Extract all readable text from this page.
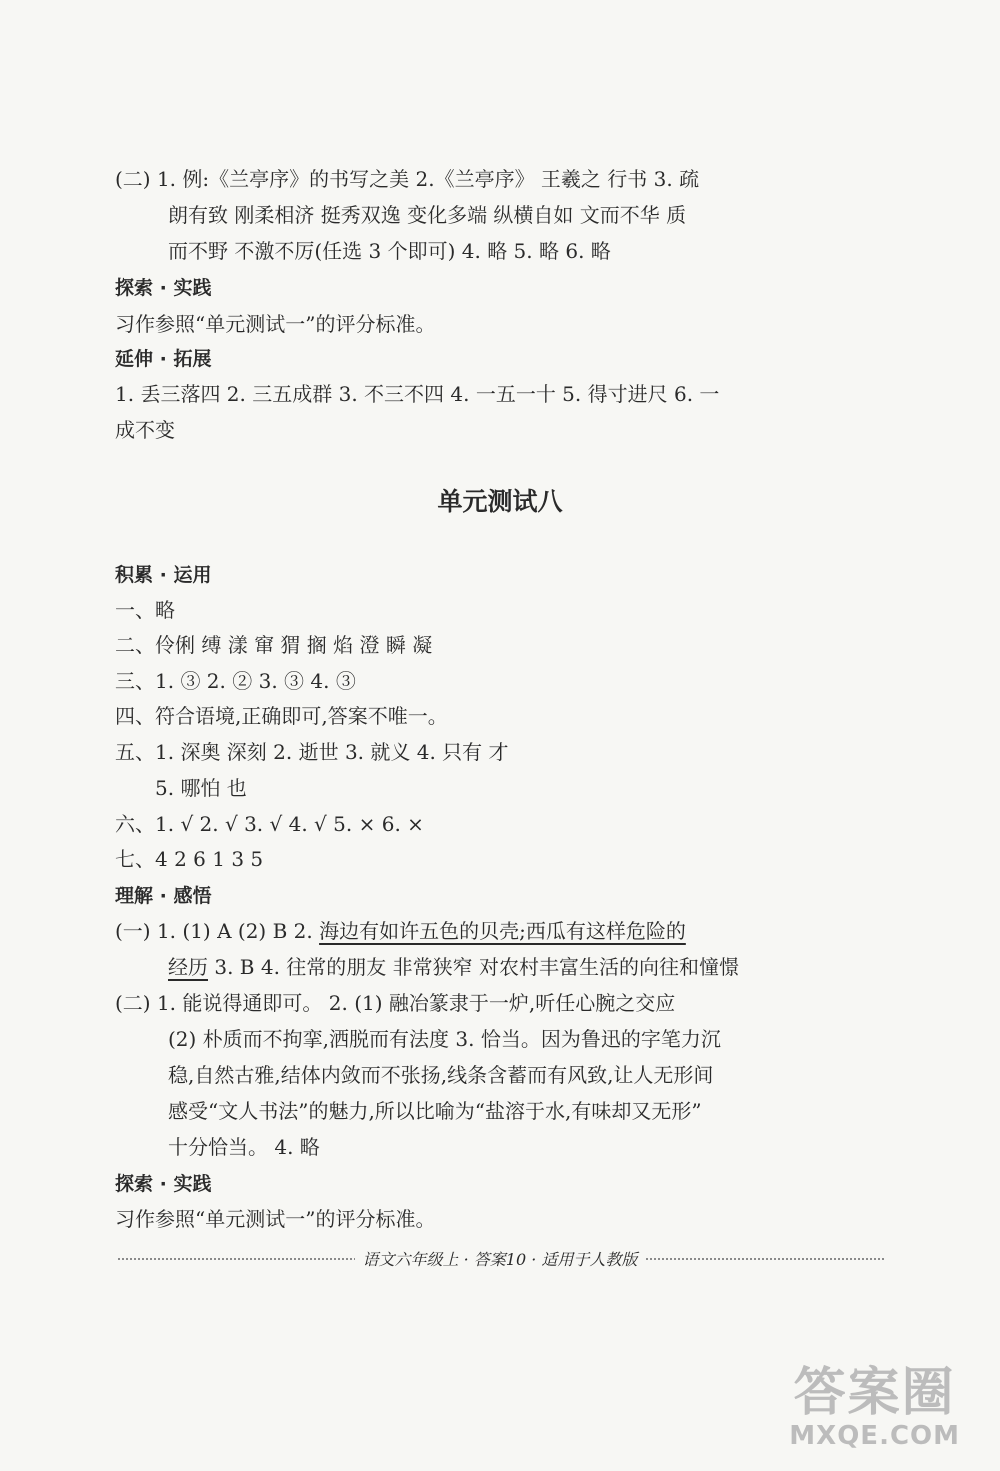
(二) 1. 例:《兰亭序》的书写之美 2.《兰亭序》 王羲之 行书 3. 疏
朗有致 刚柔相济 挺秀双逸 变化多端 纵横自如 文而不华 质
而不野 不激不厉(任选 3 个即可) 4. 略 5. 略 6. 略
探索 · 实践
习作参照“单元测试一”的评分标准。
延伸 · 拓展
1. 丢三落四 2. 三五成群 3. 不三不四 4. 一五一十 5. 得寸进尺 6. 一
成不变
单元测试八
积累 · 运用
一、略
二、伶俐 缚 漾 窜 猬 搁 焰 澄 瞬 凝
三、1. ③ 2. ② 3. ③ 4. ③
四、符合语境,正确即可,答案不唯一。
五、1. 深奥 深刻 2. 逝世 3. 就义 4. 只有 才
5. 哪怕 也
六、1. √ 2. √ 3. √ 4. √ 5. × 6. ×
七、4 2 6 1 3 5
理解 · 感悟
(一) 1. (1) A (2) B 2. 海边有如许五色的贝壳;西瓜有这样危险的
经历 3. B 4. 往常的朋友 非常狭窄 对农村丰富生活的向往和憧憬
(二) 1. 能说得通即可。 2. (1) 融冶篆隶于一炉,听任心腕之交应
(2) 朴质而不拘挛,洒脱而有法度 3. 恰当。因为鲁迅的字笔力沉
稳,自然古雅,结体内敛而不张扬,线条含蓄而有风致,让人无形间
感受“文人书法”的魅力,所以比喻为“盐溶于水,有味却又无形”
十分恰当。 4. 略
探索 · 实践
习作参照“单元测试一”的评分标准。
语文六年级上 · 答案10 · 适用于人教版
答案圈
MXQE.COM
